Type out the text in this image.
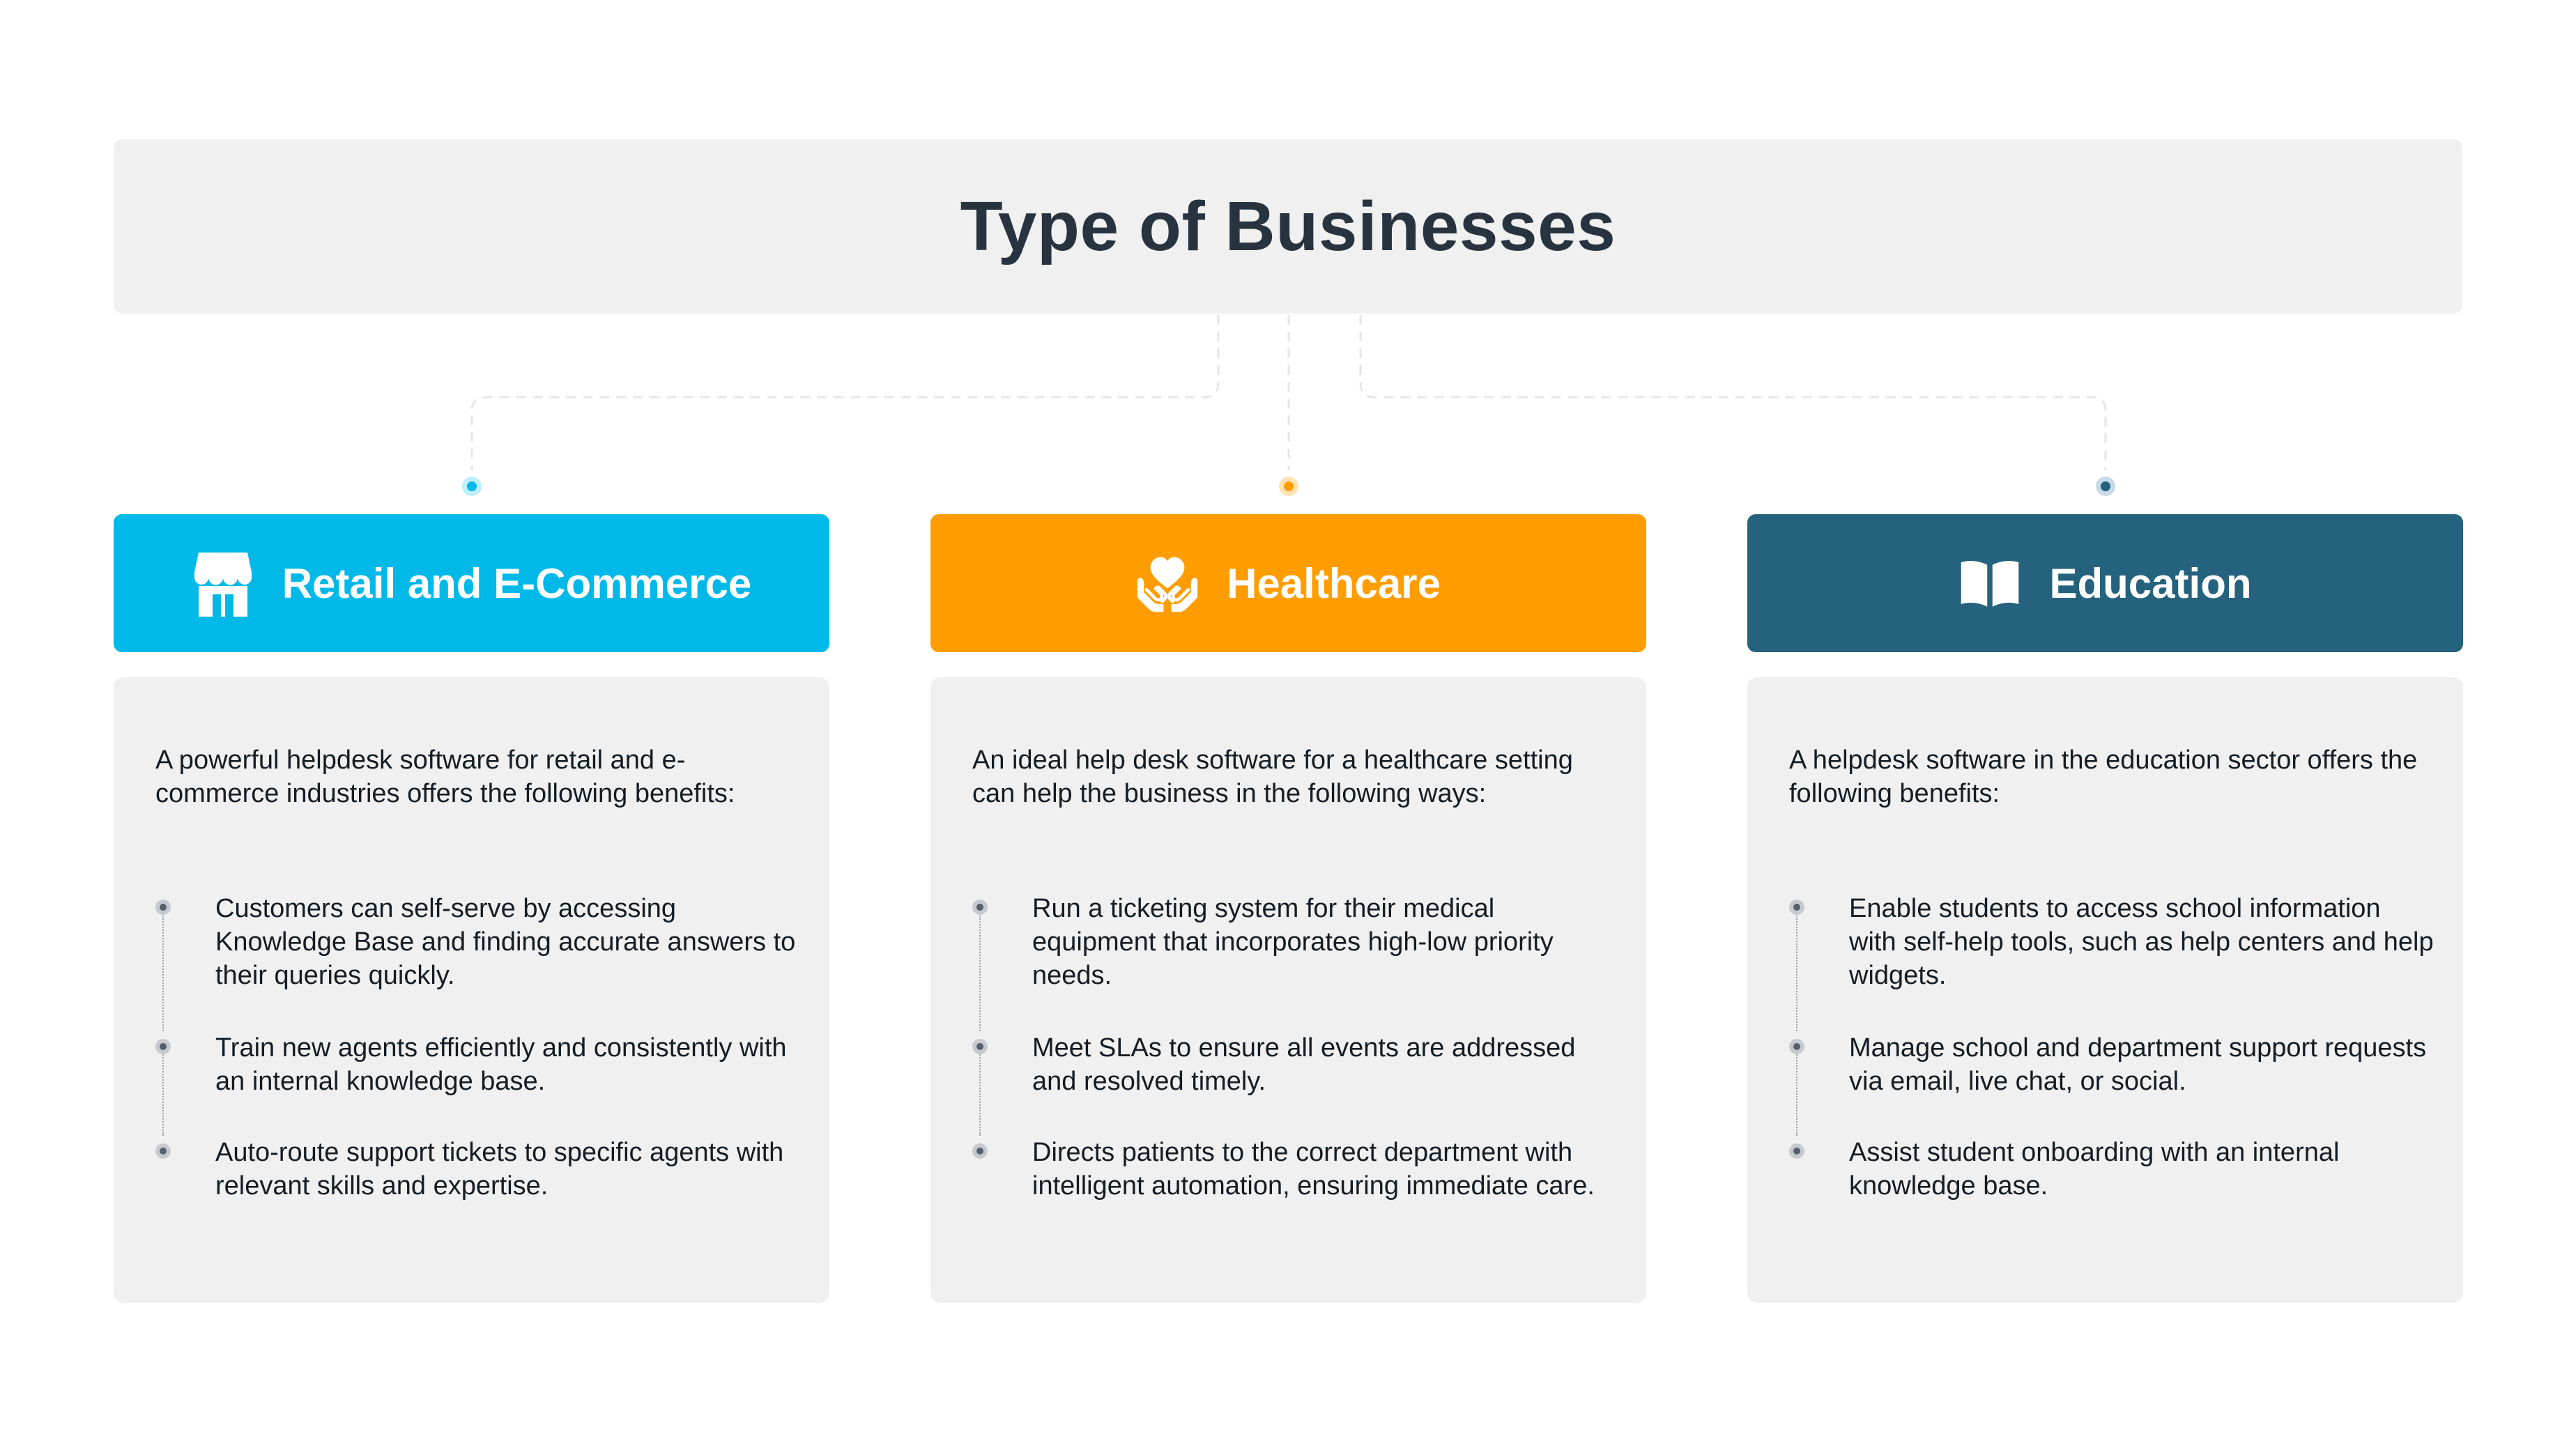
Type of Businesses
Retail and E-Commerce
A powerful helpdesk software for retail and e-commerce industries offers the following benefits:
Customers can self-serve by accessing Knowledge Base and finding accurate answers to their queries quickly.
Train new agents efficiently and consistently with an internal knowledge base.
Auto-route support tickets to specific agents with relevant skills and expertise.
Healthcare
An ideal help desk software for a healthcare setting can help the business in the following ways:
Run a ticketing system for their medical equipment that incorporates high-low priority needs.
Meet SLAs to ensure all events are addressed and resolved timely.
Directs patients to the correct department with intelligent automation, ensuring immediate care.
Education
A helpdesk software in the education sector offers the following benefits:
Enable students to access school information with self-help tools, such as help centers and help widgets.
Manage school and department support requests via email, live chat, or social.
Assist student onboarding with an internal knowledge base.
